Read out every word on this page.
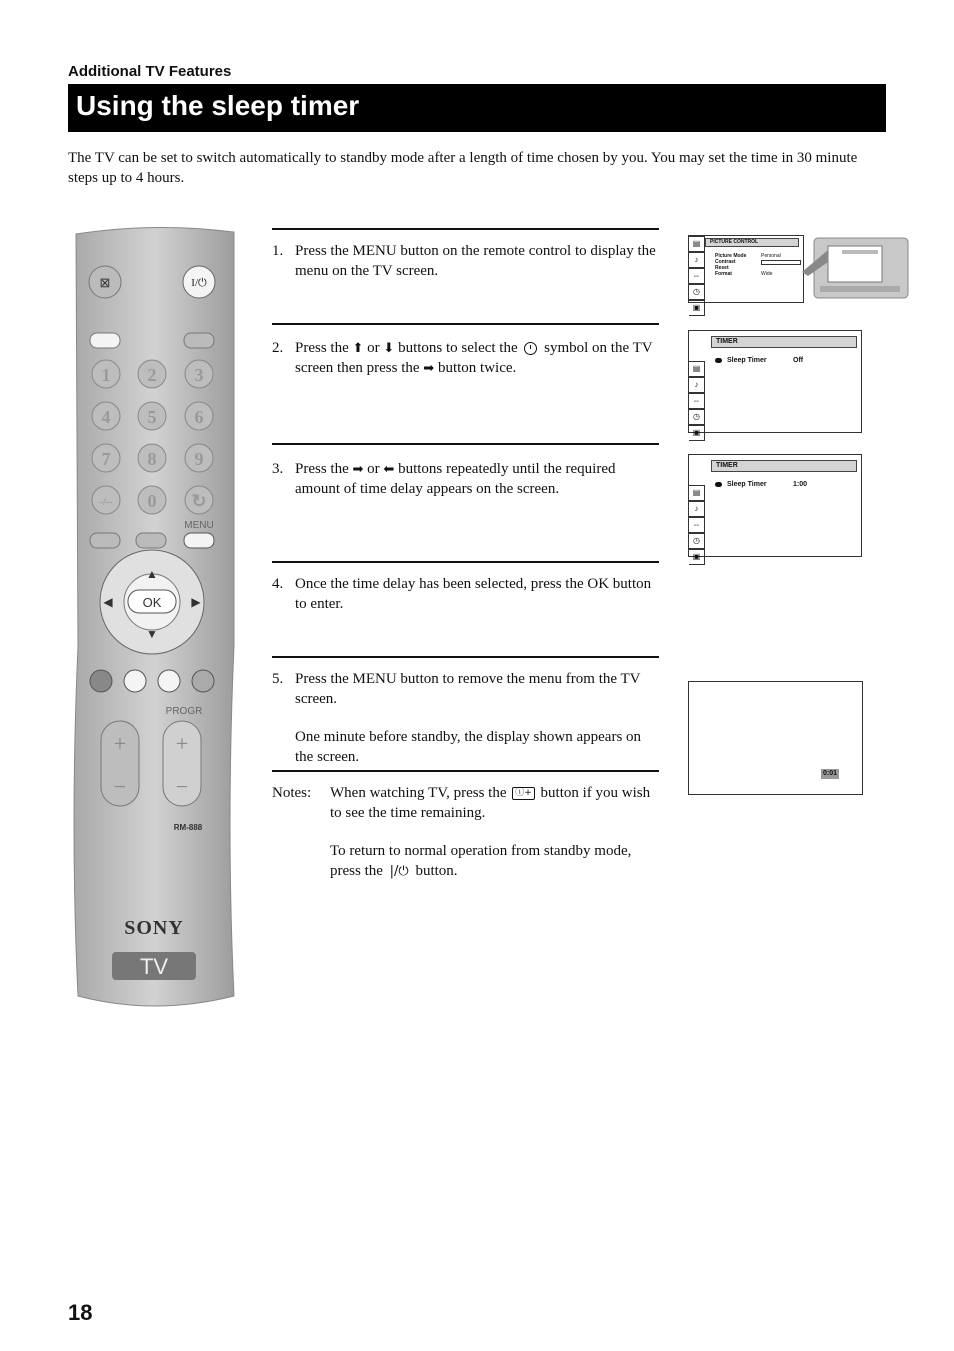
Additional TV Features
Using the sleep timer
The TV can be set to switch automatically to standby mode after a length of time chosen by you. You may set the time in 30 minute steps up to 4 hours.
⊠	I/⏻
1 2 3
4 5 6
7 8 9
-/-- 0 ↻
MENU
OK
▲
▼
◀	▶
PROGR
+
−
+
−
RM-888
SONY
TV
1. Press the MENU button on the remote control to display the menu on the TV screen.
2. Press the ⬆ or ⬇ buttons to select the symbol on the TV screen then press the ➡ button twice.
3. Press the ➡ or ⬅ buttons repeatedly until the required amount of time delay appears on the screen.
4. Once the time delay has been selected, press the OK button to enter.
5. Press the MENU button to remove the menu from the TV screen.
One minute before standby, the display shown appears on the screen.
Notes: When watching TV, press the ⓘ+ button if you wish to see the time remaining.
To return to normal operation from standby mode, press the |/⏻ button.
▤
♪
⇔
◷
▣
PICTURE CONTROL
Picture Mode	Personal
Contrast
Reset
Format	Wide
▤
♪
⇔
◷
▣
TIMER
Sleep Timer	Off
▤
♪
⇔
◷
▣
TIMER
Sleep Timer	1:00
0:01
18
